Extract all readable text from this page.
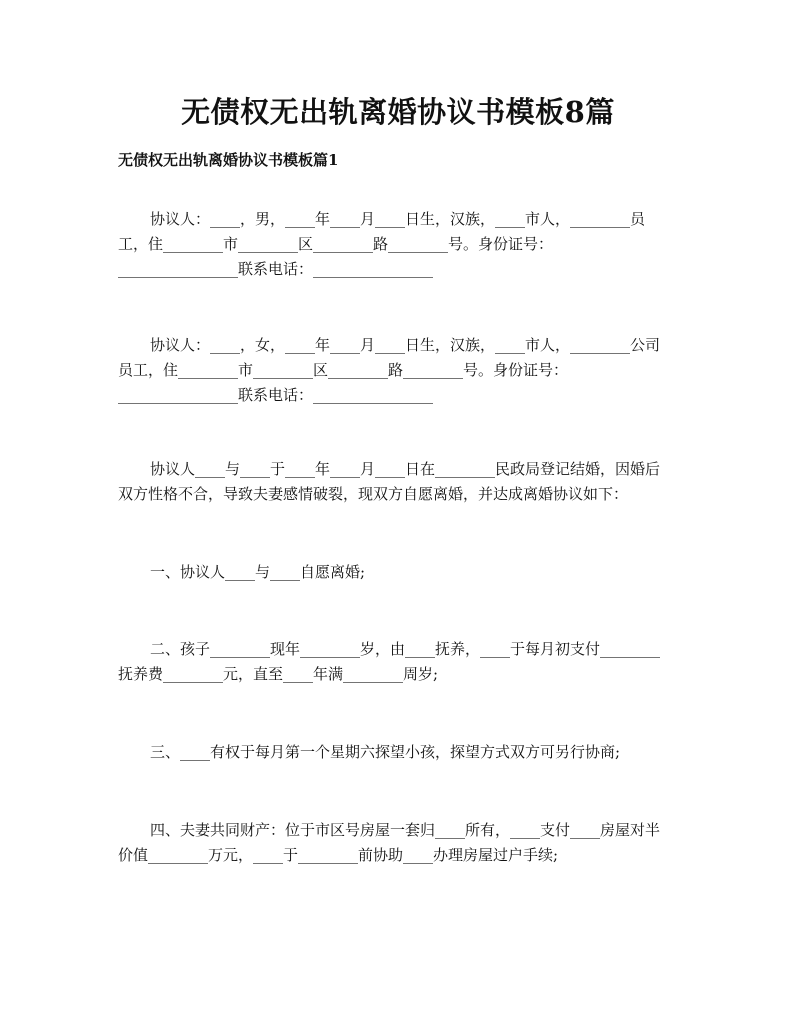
无债权无出轨离婚协议书模板8篇
无债权无出轨离婚协议书模板篇1

协议人：____，男，____年____月____日生，汉族，____市人，________员
工，住________市________区________路________号。身份证号：
________________联系电话：________________

协议人：____，女，____年____月____日生，汉族，____市人，________公司
员工，住________市________区________路________号。身份证号：
________________联系电话：________________

协议人____与____于____年____月____日在________民政局登记结婚，因婚后
双方性格不合，导致夫妻感情破裂，现双方自愿离婚，并达成离婚协议如下：

一、协议人____与____自愿离婚;

二、孩子________现年________岁，由____抚养，____于每月初支付________
抚养费________元，直至____年满________周岁;

三、____有权于每月第一个星期六探望小孩，探望方式双方可另行协商;

四、夫妻共同财产：位于市区号房屋一套归____所有，____支付____房屋对半
价值________万元，____于________前协助____办理房屋过户手续;
